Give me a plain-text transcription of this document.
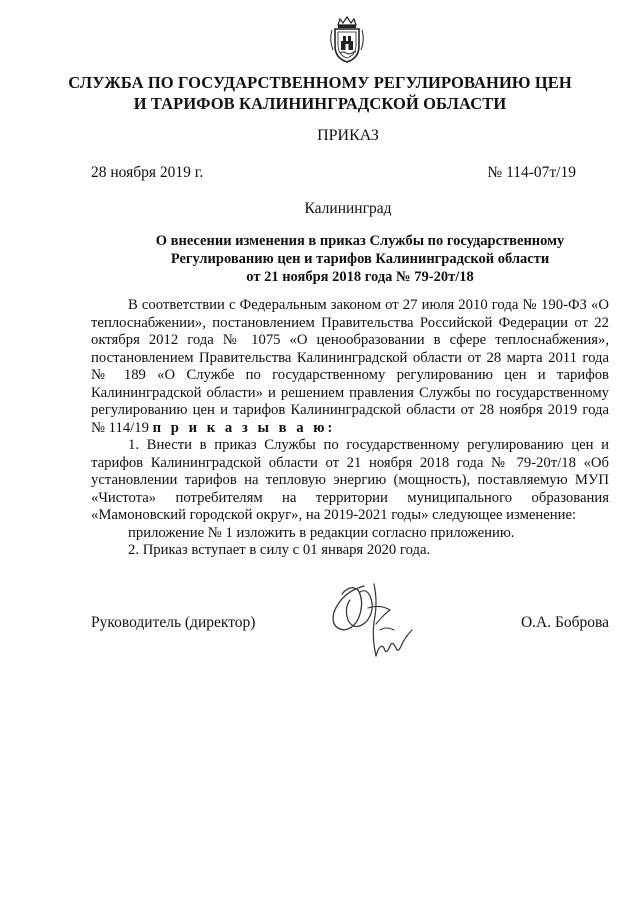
СЛУЖБА ПО ГОСУДАРСТВЕННОМУ РЕГУЛИРОВАНИЮ ЦЕН
И ТАРИФОВ КАЛИНИНГРАДСКОЙ ОБЛАСТИ
ПРИКАЗ
28 ноября 2019 г.	№ 114-07т/19
Калининград
О внесении изменения в приказ Службы по государственному
Регулированию цен и тарифов Калининградской области
от 21 ноября 2018 года № 79-20т/18

В соответствии с Федеральным законом от 27 июля 2010 года № 190-ФЗ «О теплоснабжении», постановлением Правительства Российской Федерации от 22 октября 2012 года № 1075 «О ценообразовании в сфере теплоснабжения», постановлением Правительства Калининградской области от 28 марта 2011 года № 189 «О Службе по государственному регулированию цен и тарифов Калининградской области» и решением правления Службы по государственному регулированию цен и тарифов Калининградской области от 28 ноября 2019 года № 114/19 п р и к а з ы в а ю:

1. Внести в приказ Службы по государственному регулированию цен и тарифов Калининградской области от 21 ноября 2018 года № 79-20т/18 «Об установлении тарифов на тепловую энергию (мощность), поставляемую МУП «Чистота» потребителям на территории муниципального образования «Мамоновский городской округ», на 2019-2021 годы» следующее изменение:

приложение № 1 изложить в редакции согласно приложению.

2. Приказ вступает в силу с 01 января 2020 года.

Руководитель (директор)	О.А. Боброва
